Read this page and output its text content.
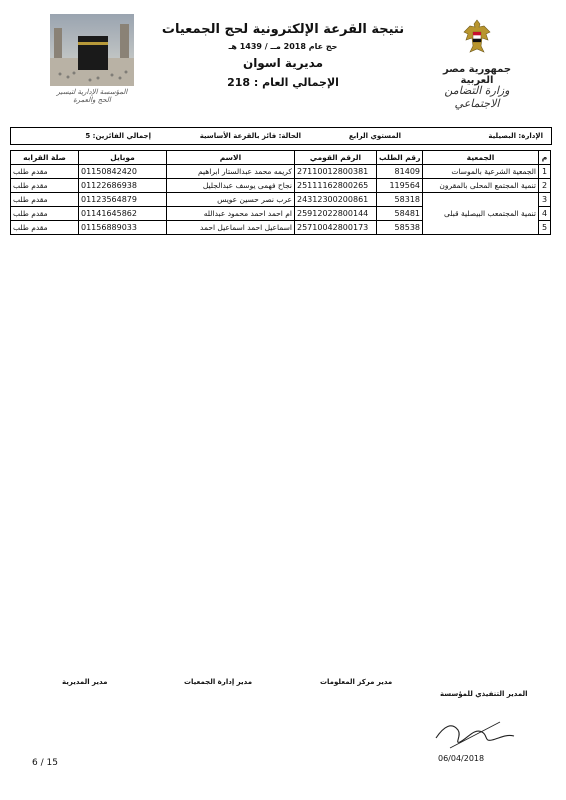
نتيجة القرعة الإلكترونية لحج الجمعيات
حج عام 2018 مــ / 1439 هـ
مديرية اسوان
الإجمالي العام : 218
المؤسسة الإدارية لتيسير الحج والعمرة
جمهورية مصر العربية
وزارة التضامن الاجتماعي
الإدارة: البصيلية
المستوي الرابع
الحالة: فائز بالقرعة الأساسية
إجمالي الفائزين: 5
صلة القرابه	موبايل	الاسم	الرقم القومي	رقم الطلب	الجمعية	م
مقدم طلب	01150842420	كريمه محمد عبدالستار ابراهيم	27110012800381	81409	الجمعية الشرعية بالموسات	1
مقدم طلب	01122686938	نجاح فهمى يوسف عبدالجليل	25111162800265	119564	تنمية المجتمع المحلى بالمقرون	2
مقدم طلب	01123564879	عرب نصر حسين عويس	24312300200861	58318	تنمية المجتمعب البيصلية قبلى	3
مقدم طلب	01141645862	ام احمد احمد محمود عبدالله	25912022800144	58481		4
مقدم طلب	01156889033	اسماعيل احمد اسماعيل احمد	25710042800173	58538		5
مدير المديرية	مدير إدارة الجمعيات	مدير مركز المعلومات
المدير التنفيذي للمؤسسة
06/04/2018
6 / 15
